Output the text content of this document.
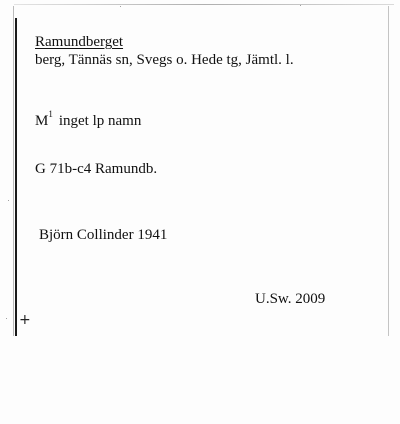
Ramundberget
berg, Tännäs sn, Svegs o. Hede tg, Jämtl. l.
$M^1$ inget lp namn
G 71b-c4 Ramundb.
Björn Collinder 1941
U.Sw. 2009
+
